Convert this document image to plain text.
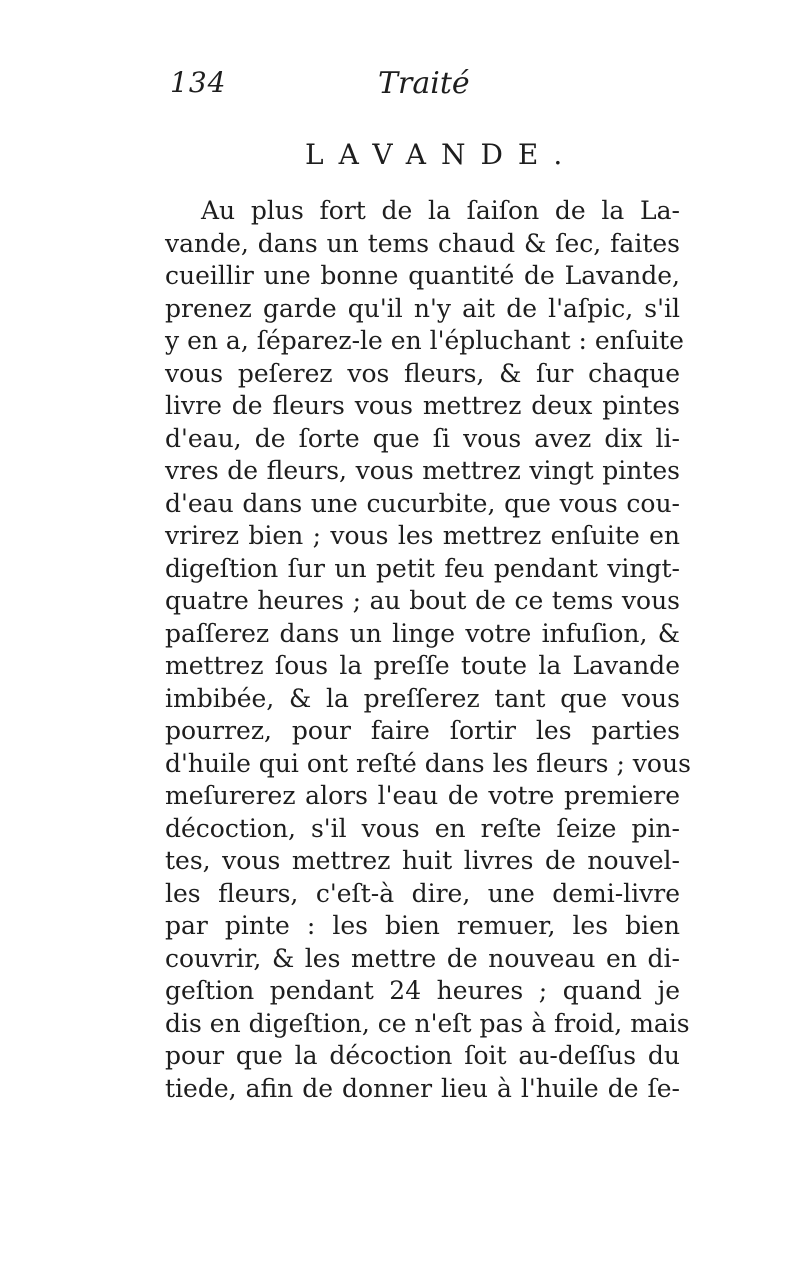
134	Traité
LAVANDE.
Au plus fort de la ſaiſon de la La-
vande, dans un tems chaud & ſec, faites
cueillir une bonne quantité de Lavande,
prenez garde qu'il n'y ait de l'aſpic, s'il
y en a, ſéparez-le en l'épluchant : enſuite
vous peſerez vos fleurs, & ſur chaque
livre de fleurs vous mettrez deux pintes
d'eau, de ſorte que ſi vous avez dix li-
vres de fleurs, vous mettrez vingt pintes
d'eau dans une cucurbite, que vous cou-
vrirez bien ; vous les mettrez enſuite en
digeſtion ſur un petit feu pendant vingt-
quatre heures ; au bout de ce tems vous
paſſerez dans un linge votre infuſion, &
mettrez ſous la preſſe toute la Lavande
imbibée, & la preſſerez tant que vous
pourrez, pour faire ſortir les parties
d'huile qui ont reſté dans les fleurs ; vous
meſurerez alors l'eau de votre premiere
décoction, s'il vous en reſte ſeize pin-
tes, vous mettrez huit livres de nouvel-
les fleurs, c'eſt-à dire, une demi-livre
par pinte : les bien remuer, les bien
couvrir, & les mettre de nouveau en di-
geſtion pendant 24 heures ; quand je
dis en digeſtion, ce n'eſt pas à froid, mais
pour que la décoction ſoit au-deſſus du
tiede, afin de donner lieu à l'huile de ſe-
